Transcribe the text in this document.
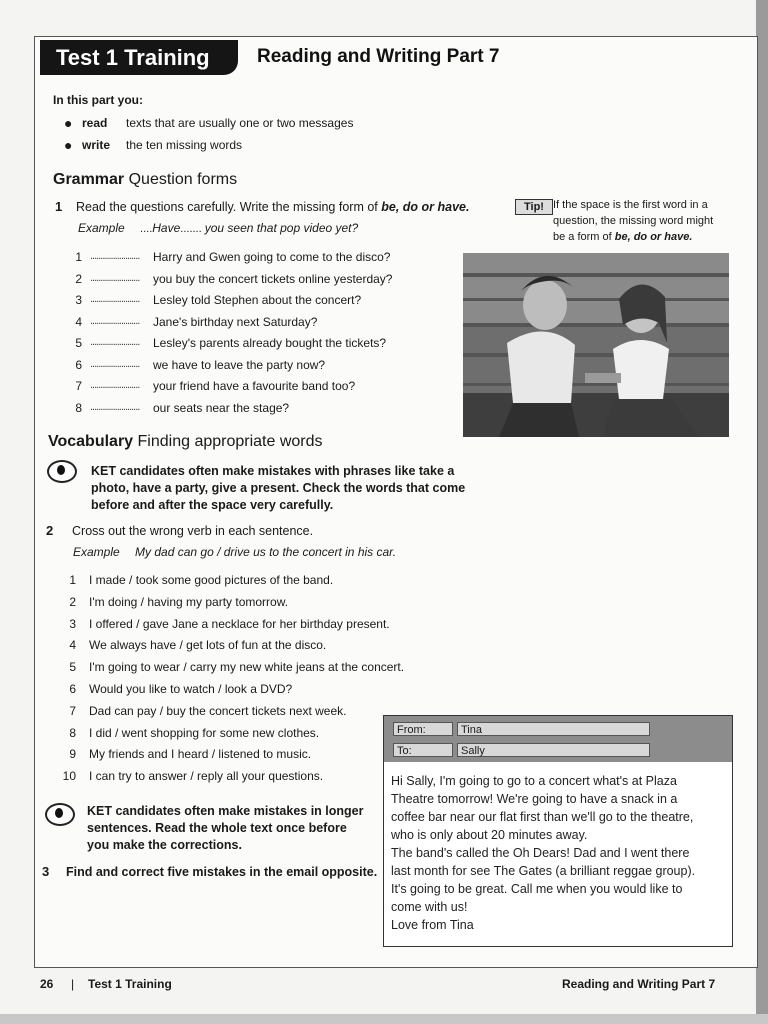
Test 1 Training	Reading and Writing Part 7
In this part you:
● read texts that are usually one or two messages
● write the ten missing words
Grammar Question forms
1 Read the questions carefully. Write the missing form of be, do or have.
Example ....Have....... you seen that pop video yet?
1 ........................ Harry and Gwen going to come to the disco?
2 ........................ you buy the concert tickets online yesterday?
3 ........................ Lesley told Stephen about the concert?
4 ........................ Jane's birthday next Saturday?
5 ........................ Lesley's parents already bought the tickets?
6 ........................ we have to leave the party now?
7 ........................ your friend have a favourite band too?
8 ........................ our seats near the stage?
Tip! If the space is the first word in a
question, the missing word might
be a form of be, do or have.
Vocabulary Finding appropriate words
KET candidates often make mistakes with phrases like take a photo, have a party, give a present. Check the words that come before and after the space very carefully.
2 Cross out the wrong verb in each sentence.
Example My dad can go / drive us to the concert in his car.
1 I made / took some good pictures of the band.
2 I'm doing / having my party tomorrow.
3 I offered / gave Jane a necklace for her birthday present.
4 We always have / get lots of fun at the disco.
5 I'm going to wear / carry my new white jeans at the concert.
6 Would you like to watch / look a DVD?
7 Dad can pay / buy the concert tickets next week.
8 I did / went shopping for some new clothes.
9 My friends and I heard / listened to music.
10 I can try to answer / reply all your questions.
KET candidates often make mistakes in longer sentences. Read the whole text once before you make the corrections.
3 Find and correct five mistakes in the email opposite.
From:	Tina
To:	Sally
Hi Sally, I'm going to go to a concert what's at Plaza
Theatre tomorrow! We're going to have a snack in a
coffee bar near our flat first than we'll go to the theatre,
who is only about 20 minutes away.
The band's called the Oh Dears! Dad and I went there
last month for see The Gates (a brilliant reggae group).
It's going to be great. Call me when you would like to
come with us!
Love from Tina
26 | Test 1 Training	Reading and Writing Part 7
